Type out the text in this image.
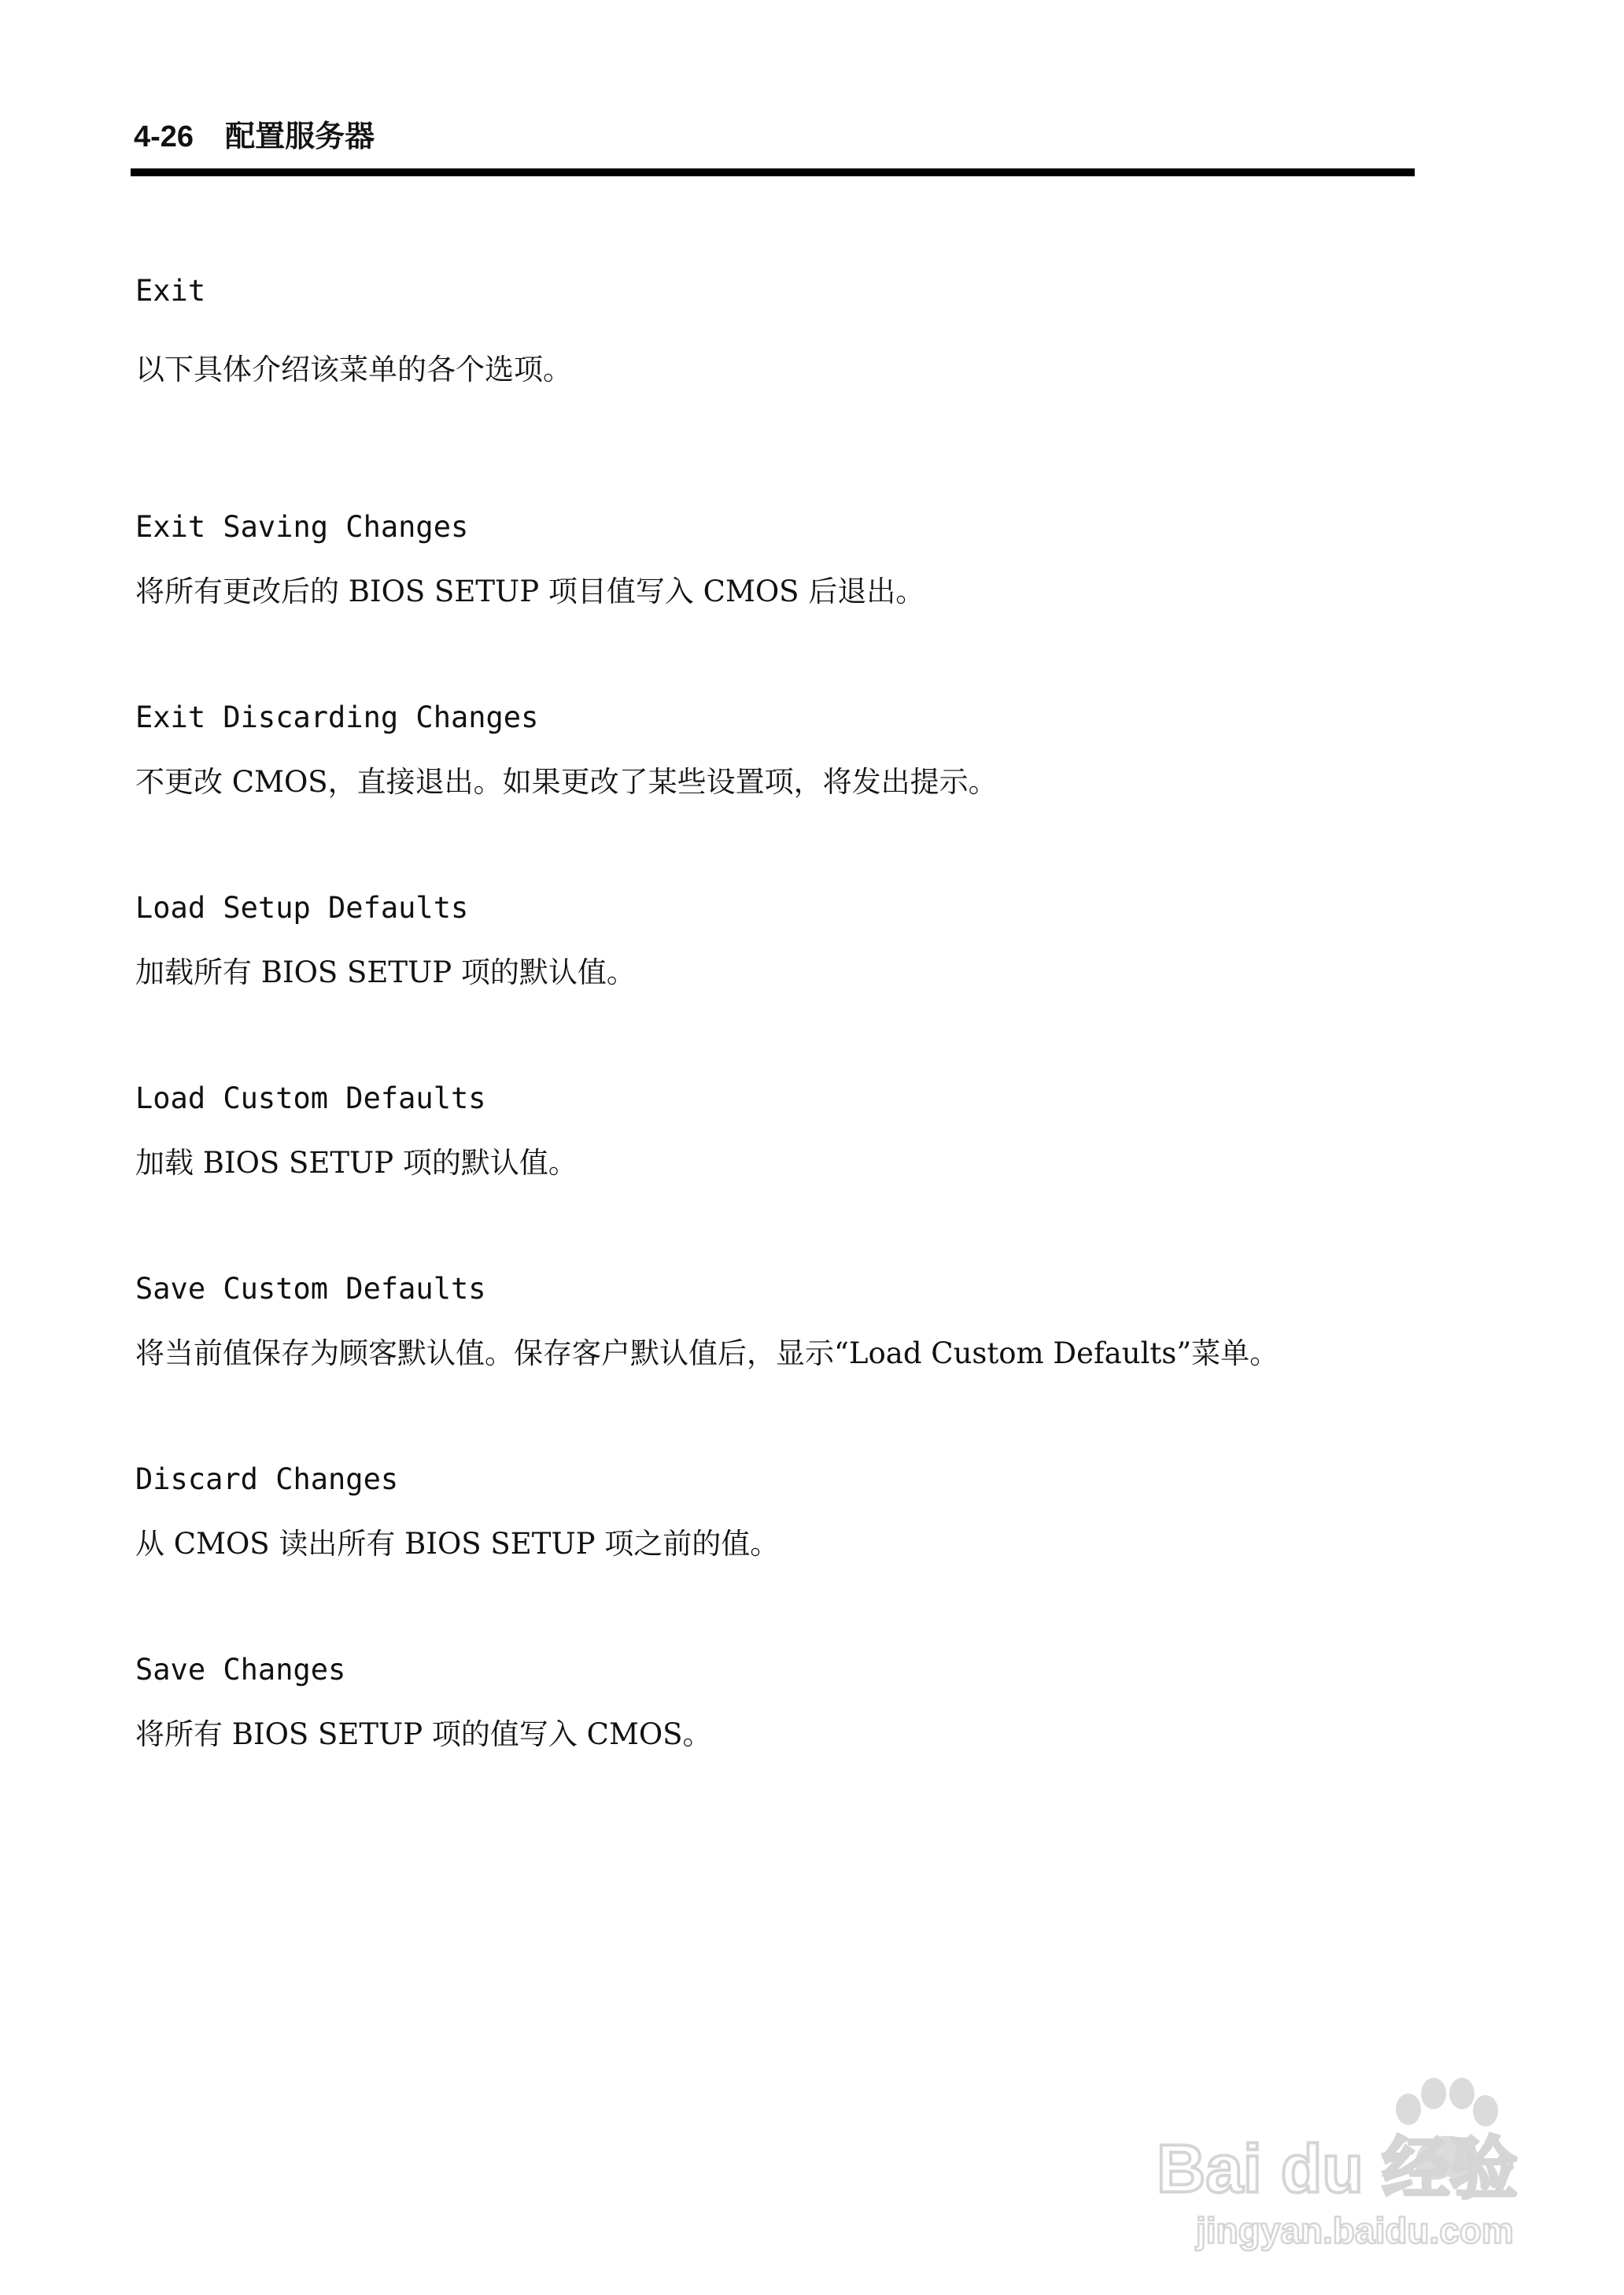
4-26 配置服务器

Exit

以下具体介绍该菜单的各个选项。

Exit Saving Changes

将所有更改后的 BIOS SETUP 项目值写入 CMOS 后退出。

Exit Discarding Changes

不更改 CMOS，直接退出。如果更改了某些设置项，将发出提示。

Load Setup Defaults

加载所有 BIOS SETUP 项的默认值。

Load Custom Defaults

加载 BIOS SETUP 项的默认值。

Save Custom Defaults

将当前值保存为顾客默认值。保存客户默认值后，显示“Load Custom Defaults”菜单。

Discard Changes

从 CMOS 读出所有 BIOS SETUP 项之前的值。

Save Changes

将所有 BIOS SETUP 项的值写入 CMOS。

Bai du 经验
jingyan.baidu.com
